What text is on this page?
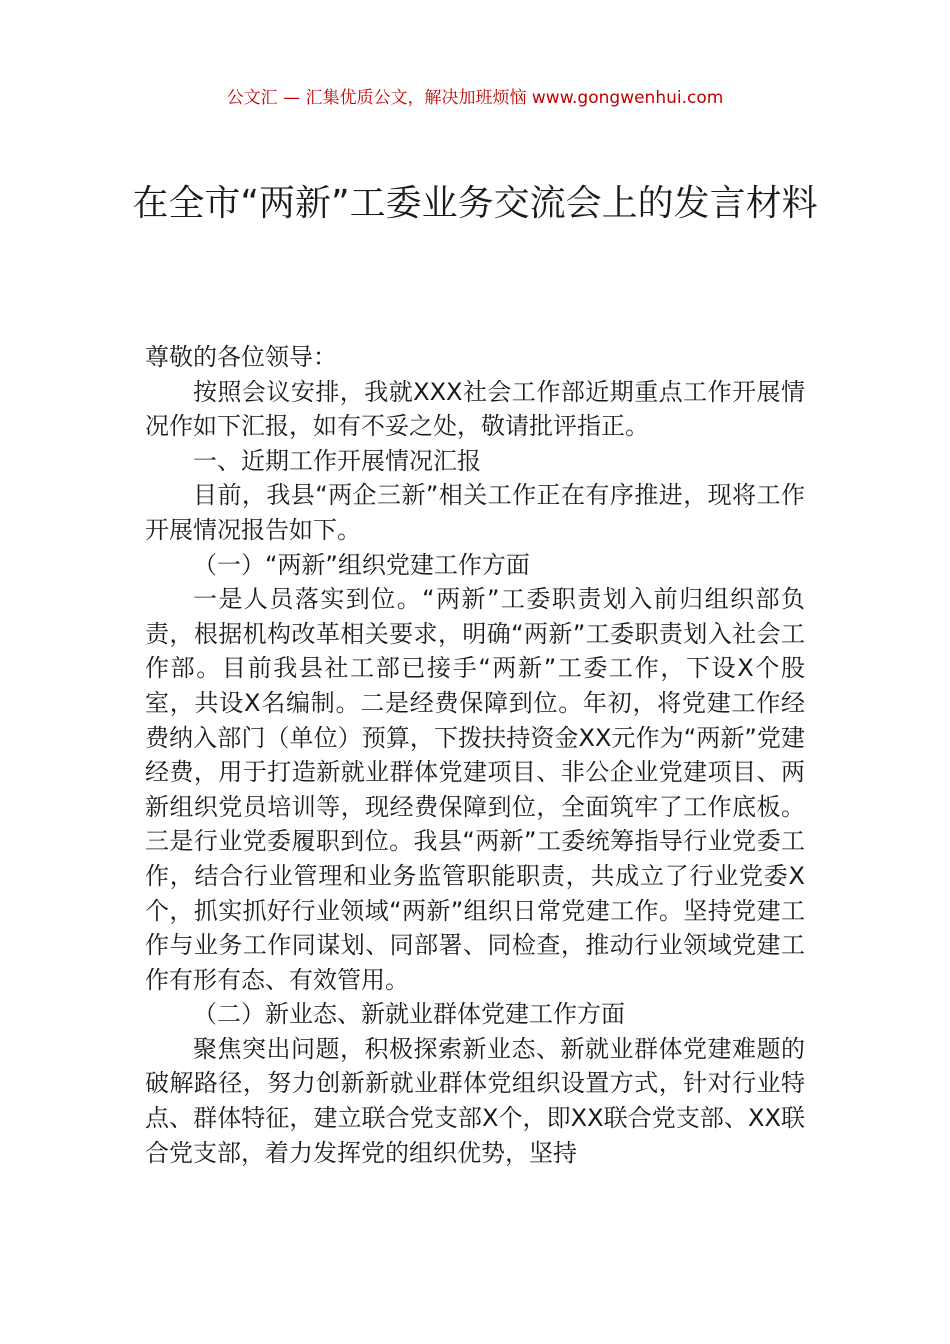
公文汇 — 汇集优质公文，解决加班烦恼 www.gongwenhui.com
在全市“两新”工委业务交流会上的发言材料

尊敬的各位领导：

按照会议安排，我就XXX社会工作部近期重点工作开展情况作如下汇报，如有不妥之处，敬请批评指正。

一、近期工作开展情况汇报

目前，我县“两企三新”相关工作正在有序推进，现将工作开展情况报告如下。

（一）“两新”组织党建工作方面

一是人员落实到位。“两新”工委职责划入前归组织部负责，根据机构改革相关要求，明确“两新”工委职责划入社会工作部。目前我县社工部已接手“两新”工委工作，下设X个股室，共设X名编制。二是经费保障到位。年初，将党建工作经费纳入部门（单位）预算，下拨扶持资金XX元作为“两新”党建经费，用于打造新就业群体党建项目、非公企业党建项目、两新组织党员培训等，现经费保障到位，全面筑牢了工作底板。三是行业党委履职到位。我县“两新”工委统筹指导行业党委工作，结合行业管理和业务监管职能职责，共成立了行业党委X个，抓实抓好行业领域“两新”组织日常党建工作。坚持党建工作与业务工作同谋划、同部署、同检查，推动行业领域党建工作有形有态、有效管用。

（二）新业态、新就业群体党建工作方面

聚焦突出问题，积极探索新业态、新就业群体党建难题的破解路径，努力创新新就业群体党组织设置方式，针对行业特点、群体特征，建立联合党支部X个，即XX联合党支部、XX联合党支部，着力发挥党的组织优势，坚持
